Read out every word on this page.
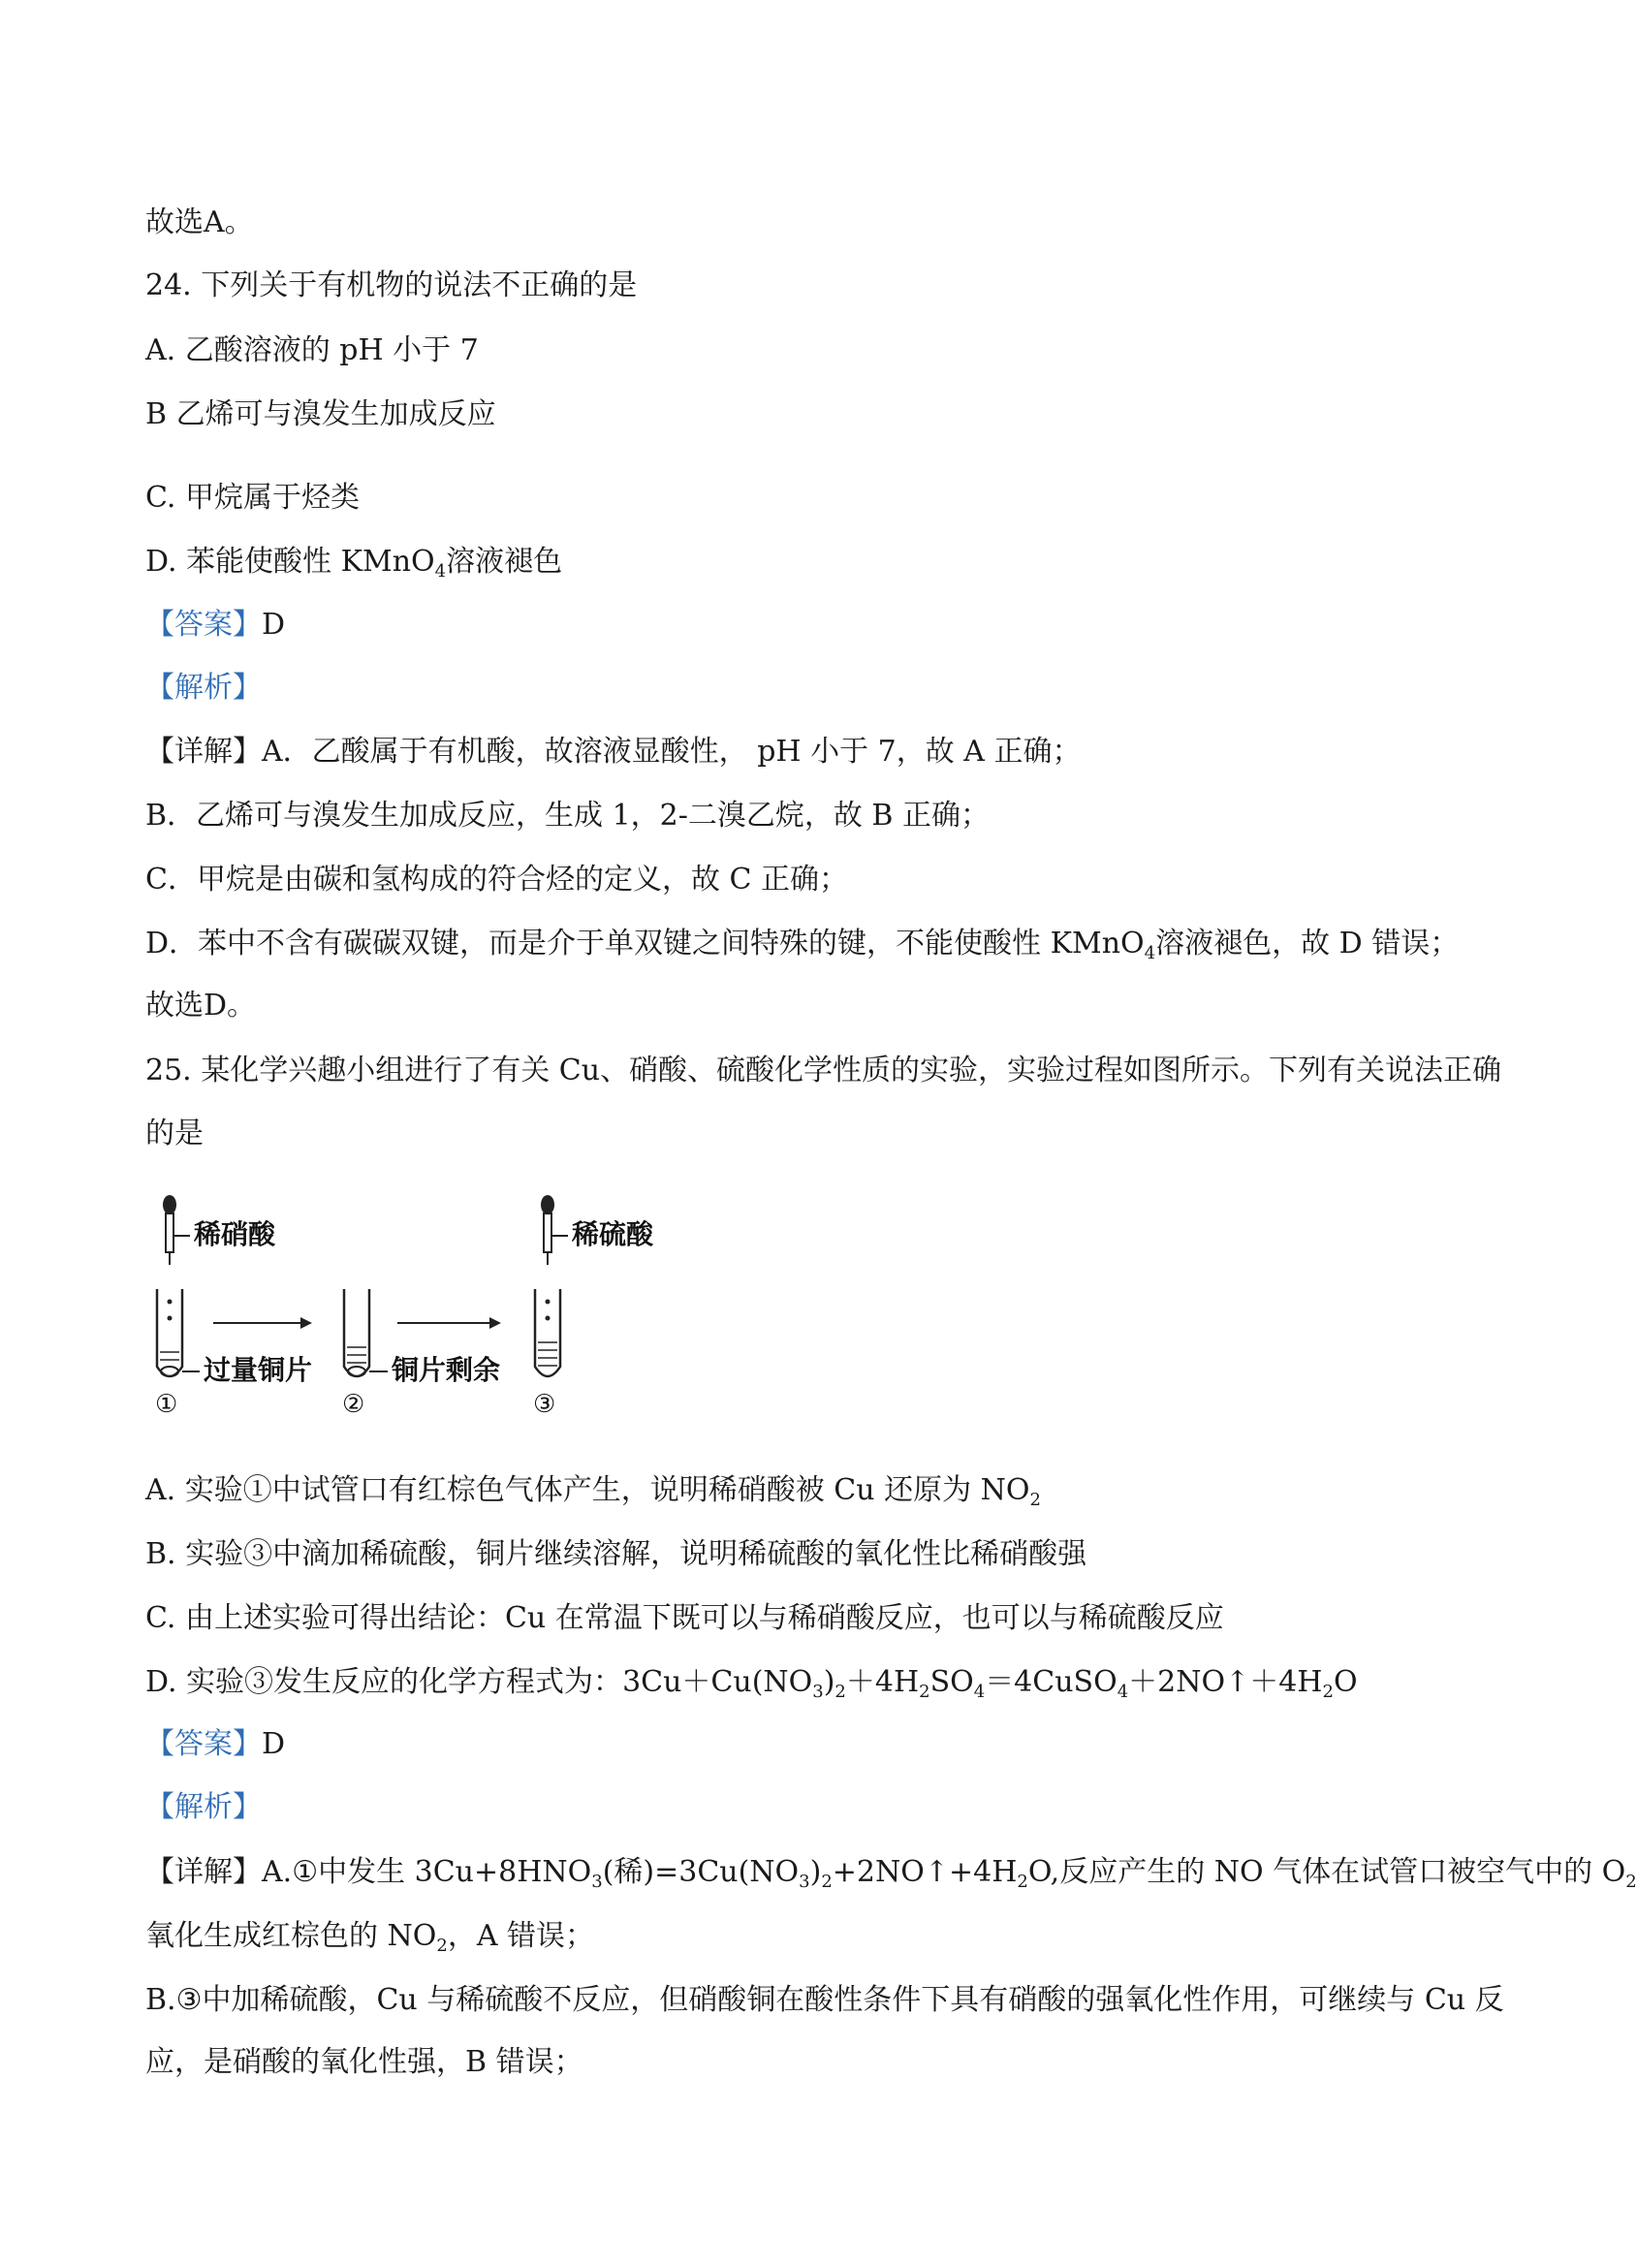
故选A。
24. 下列关于有机物的说法不正确的是
A. 乙酸溶液的 pH 小于 7
B 乙烯可与溴发生加成反应
C. 甲烷属于烃类
D. 苯能使酸性 KMnO$_4$溶液褪色
【答案】D
【解析】
【详解】A．乙酸属于有机酸，故溶液显酸性， pH 小于 7，故 A 正确；
B．乙烯可与溴发生加成反应，生成 1，2-二溴乙烷，故 B 正确；
C．甲烷是由碳和氢构成的符合烃的定义，故 C 正确；
D．苯中不含有碳碳双键，而是介于单双键之间特殊的键，不能使酸性 KMnO$_4$溶液褪色，故 D 错误；
故选D。
25. 某化学兴趣小组进行了有关 Cu、硝酸、硫酸化学性质的实验，实验过程如图所示。下列有关说法正确
的是
稀硝酸
过量铜片
①
铜片剩余
②
稀硫酸
③
A. 实验①中试管口有红棕色气体产生，说明稀硝酸被 Cu 还原为 $NO_2$
B. 实验③中滴加稀硫酸，铜片继续溶解，说明稀硫酸的氧化性比稀硝酸强
C. 由上述实验可得出结论：Cu 在常温下既可以与稀硝酸反应，也可以与稀硫酸反应
D. 实验③发生反应的化学方程式为：$3Cu+Cu(NO_3)_2+4H_2SO_4=4CuSO_4+2NO↑+4H_2O$
【答案】D
【解析】
【详解】A.①中发生 $3Cu+8HNO_3$(稀)$=3Cu(NO_3)_2+2NO↑+4H_2O$,反应产生的 NO 气体在试管口被空气中的 $O_2$
氧化生成红棕色的 $NO_2$，A 错误；
B.③中加稀硫酸，Cu 与稀硫酸不反应，但硝酸铜在酸性条件下具有硝酸的强氧化性作用，可继续与 Cu 反
应，是硝酸的氧化性强，B 错误；
